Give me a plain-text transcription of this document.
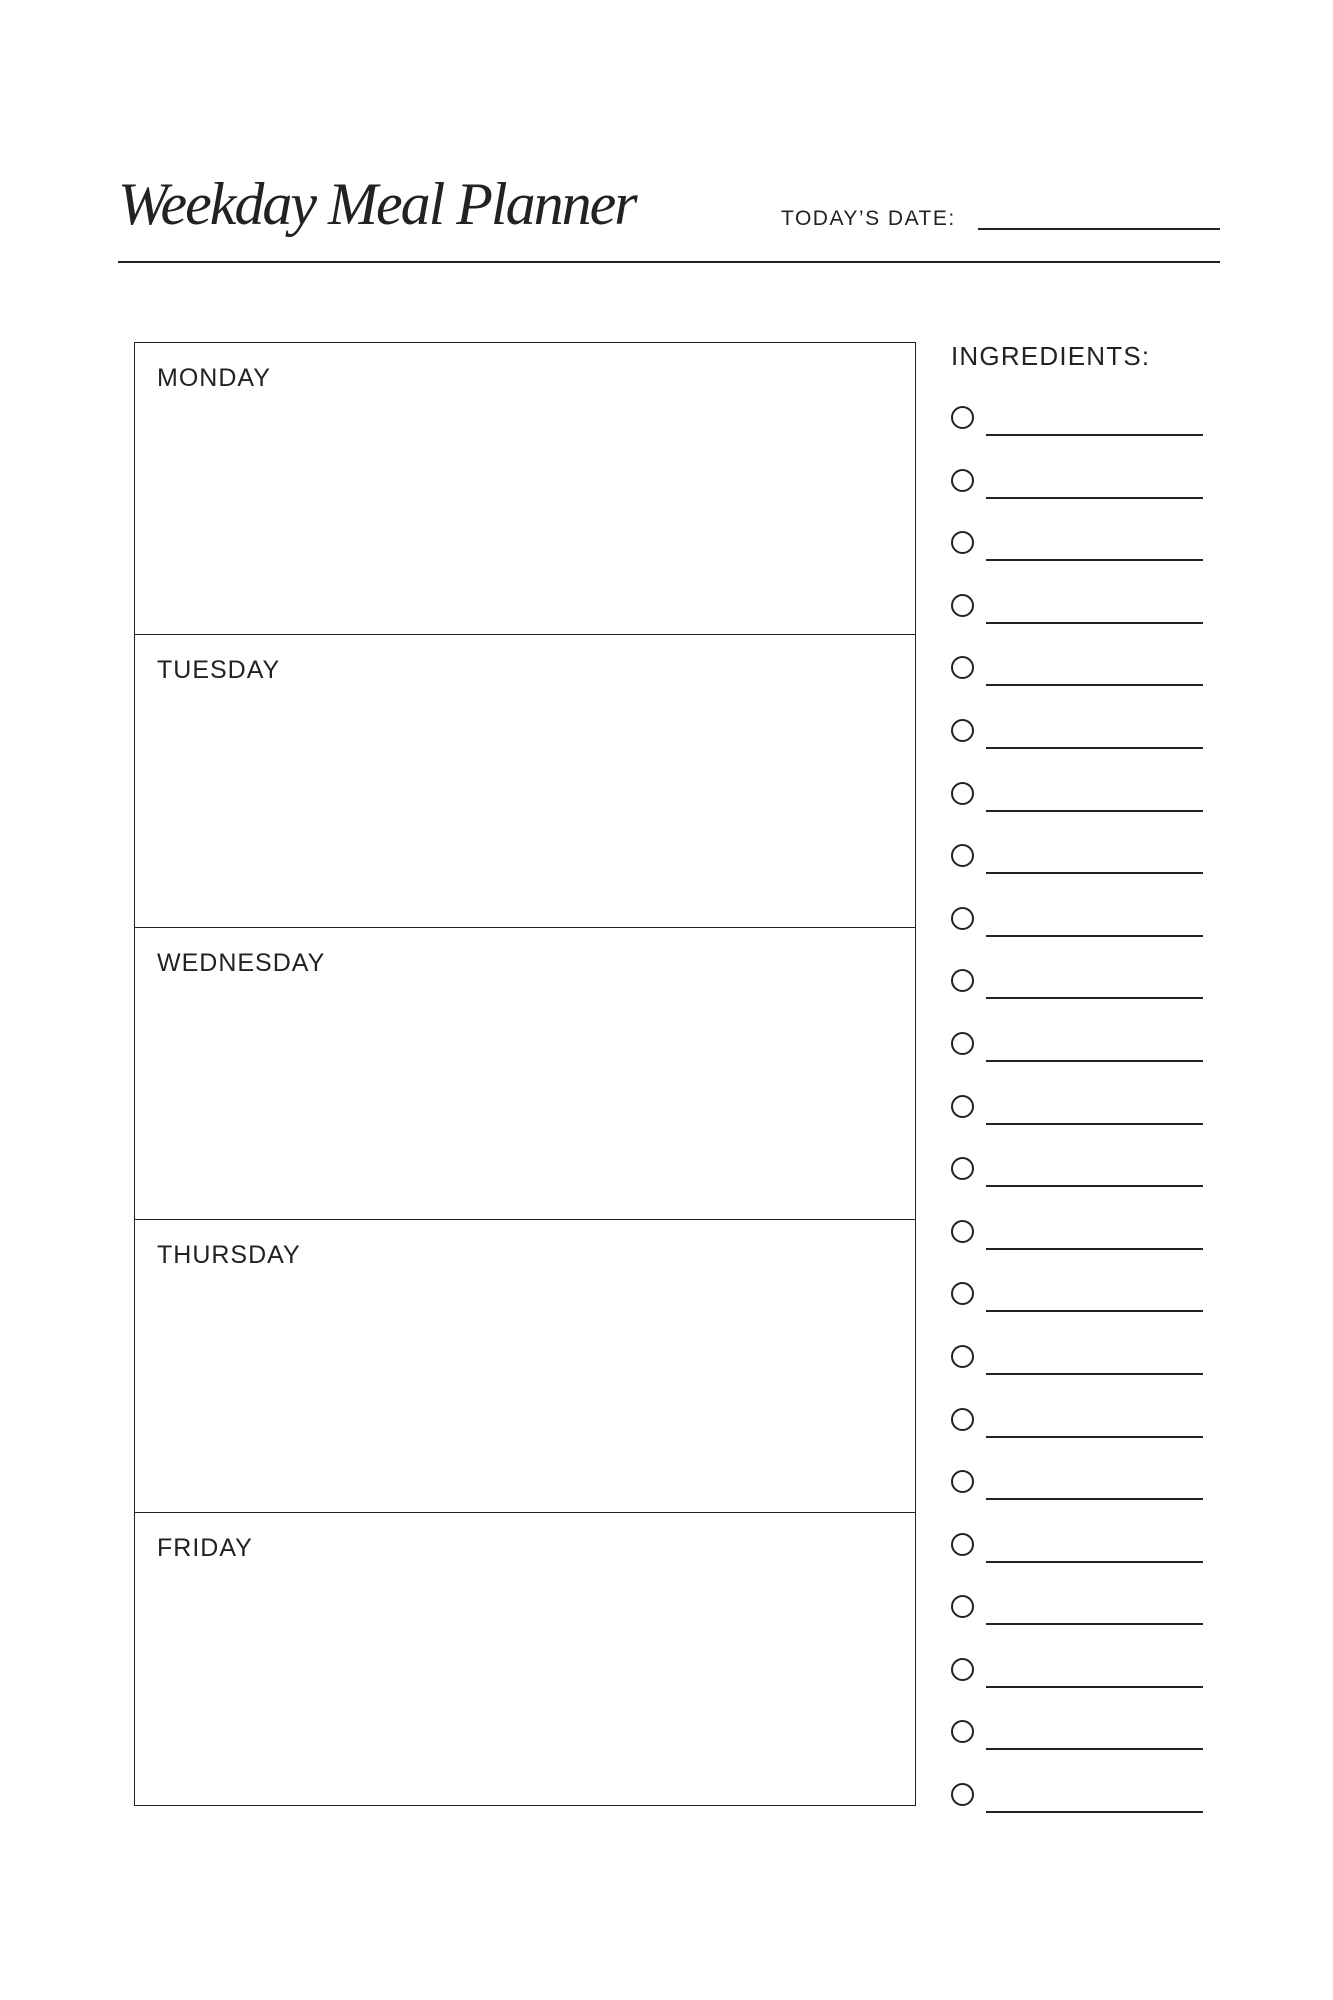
Weekday Meal Planner	TODAY’S DATE:
MONDAY
TUESDAY
WEDNESDAY
THURSDAY
FRIDAY
INGREDIENTS:
